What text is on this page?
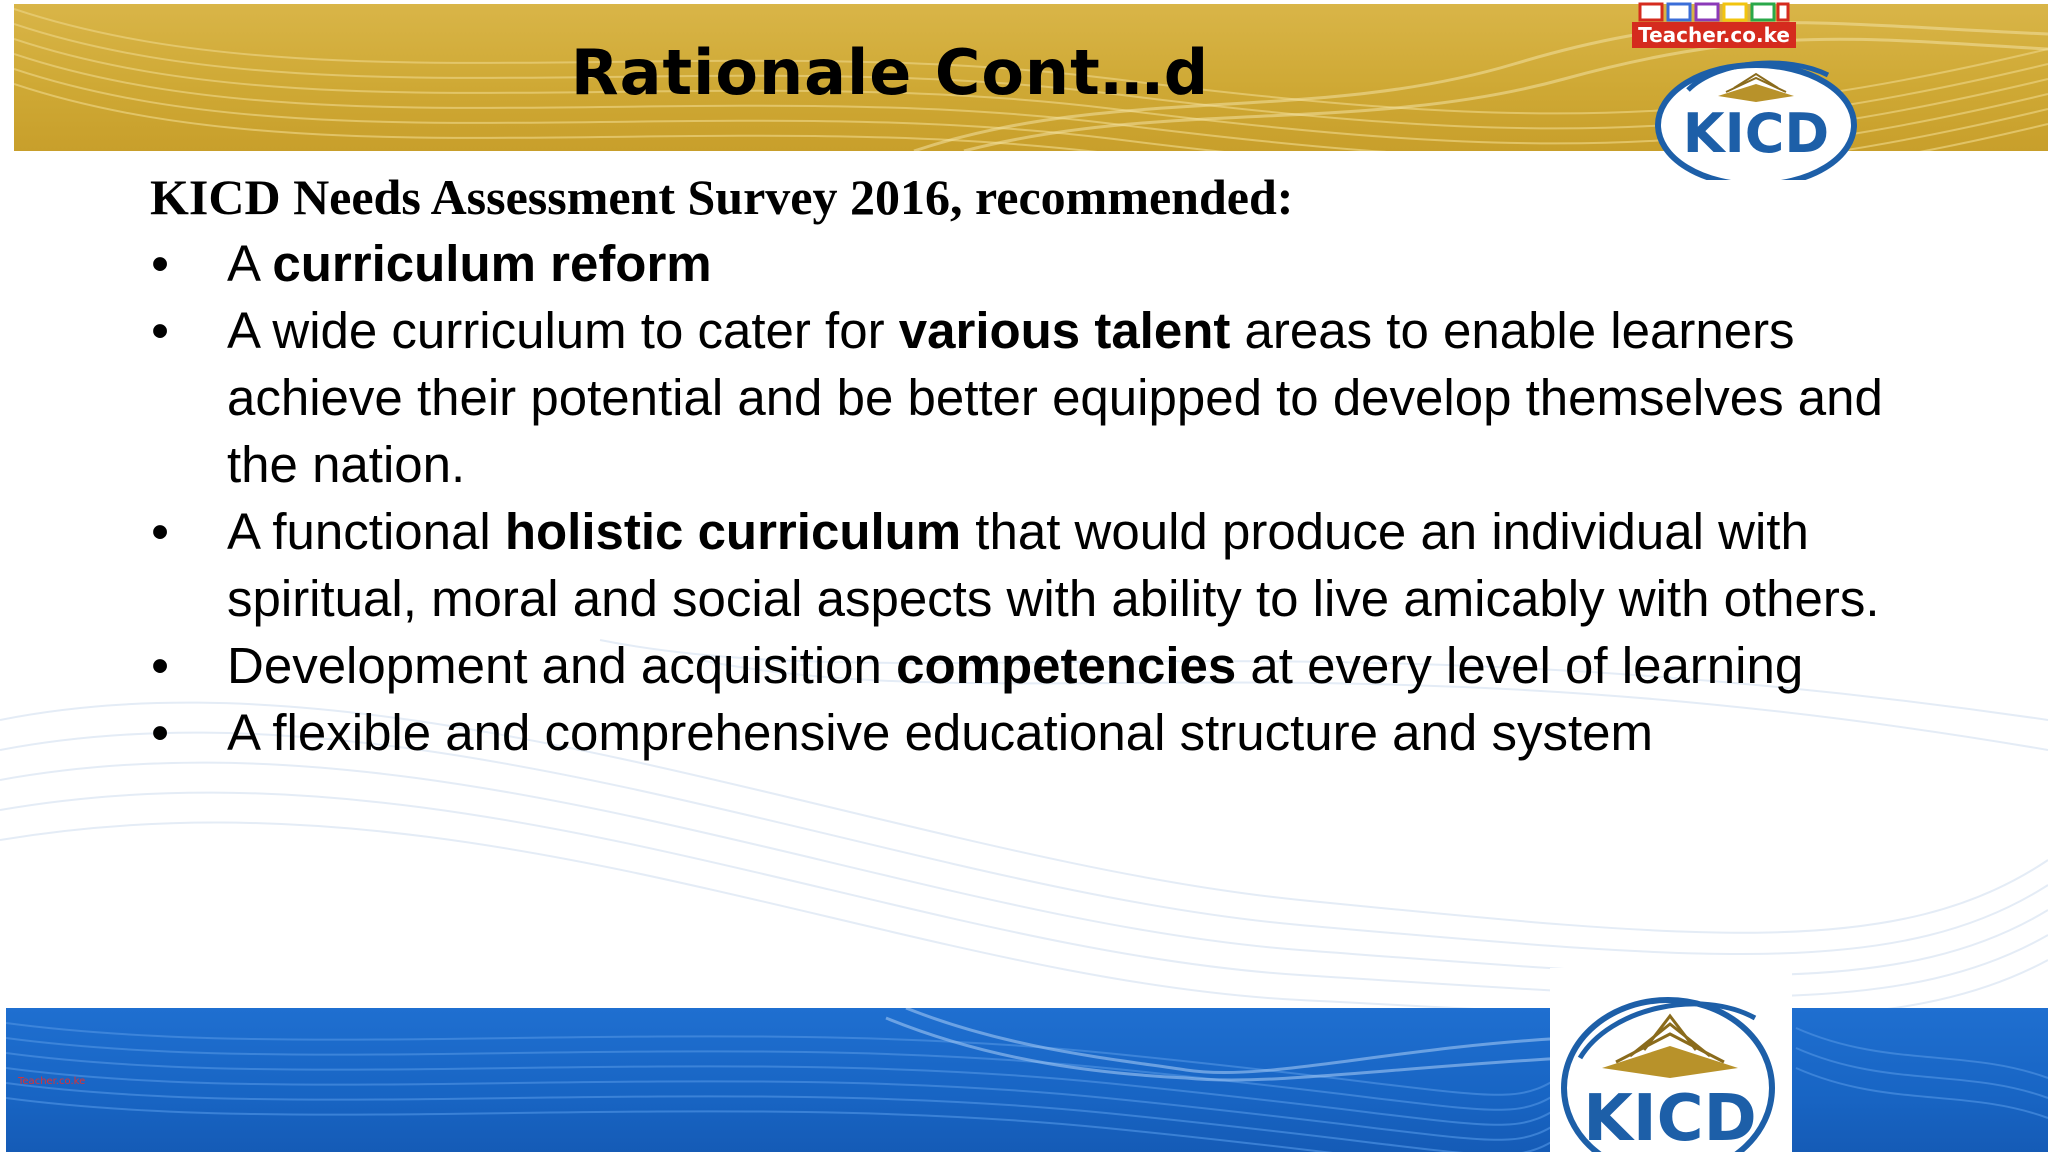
Rationale Cont…d
KICD Needs Assessment Survey 2016, recommended:
• A curriculum reform
• A wide curriculum to cater for various talent areas to enable learners achieve their potential and be better equipped to develop themselves and the nation.
• A functional holistic curriculum that would produce an individual with spiritual, moral and social aspects with ability to live amicably with others.
• Development and acquisition competencies at every level of learning
• A flexible and comprehensive educational structure and system
Teacher.co.ke
KICD
KICD
Teacher.co.ke
